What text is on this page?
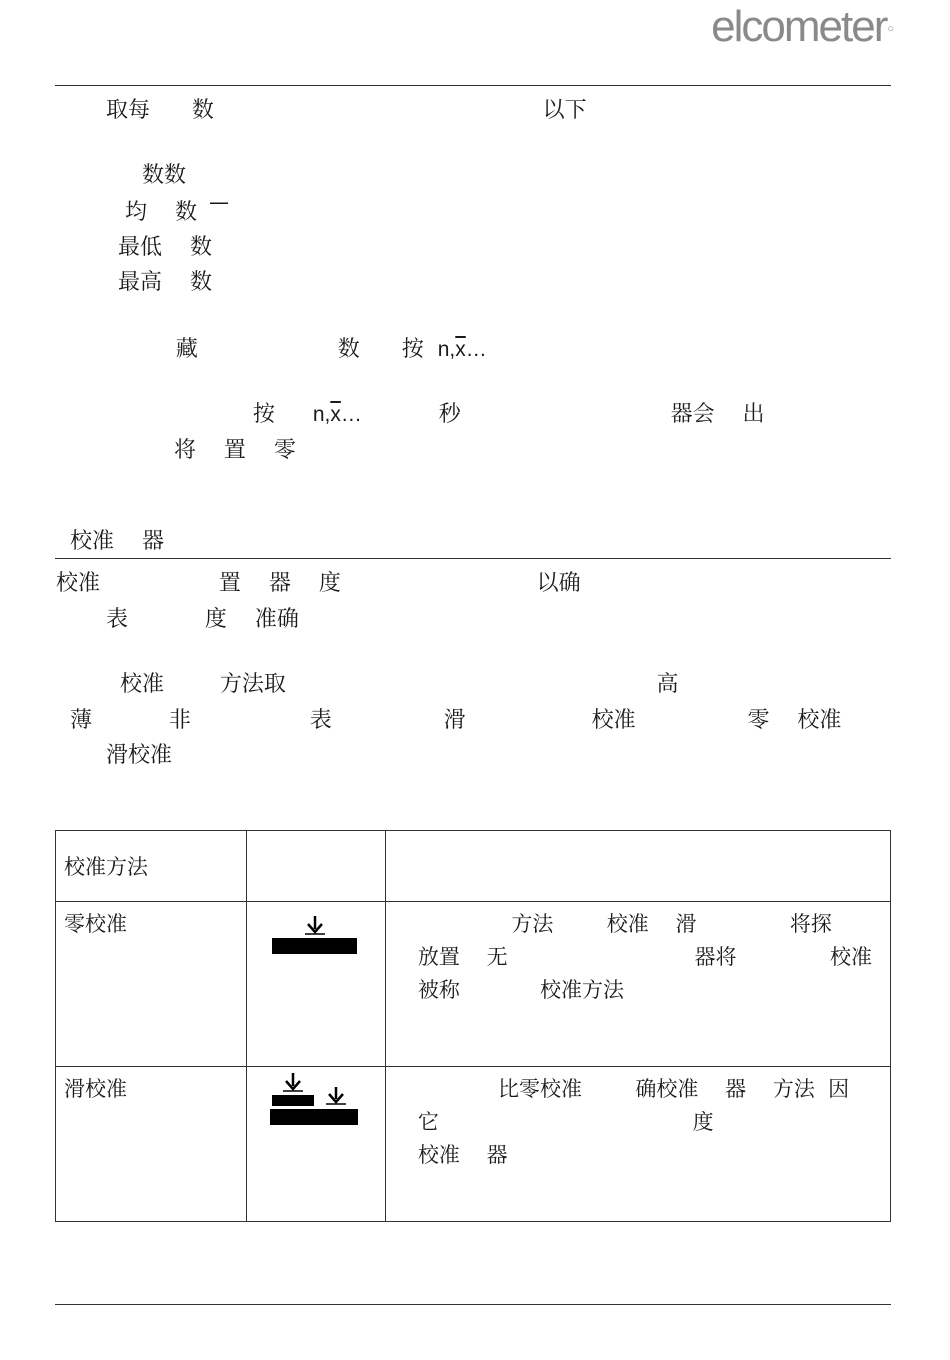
elcometer○
取每      数                                               以下
数数
均    数 —
最低    数
最高    数
藏                    数      按 $n,\overline{x}\dots$
按 $n,\overline{x}\dots$           秒                              器会    出
将    置    零
校准    器
校准                 置    器    度                            以确
表           度    准确
校准        方法取                                                     高
薄           非                 表                滑                  校准                零    校准
滑校准
校准方法		
零校准		方法        校准    滑              将探
放置    无                            器将              校准
被称            校准方法

滑校准		比零校准        确校准    器    方法  因
它                                      度
校准    器
